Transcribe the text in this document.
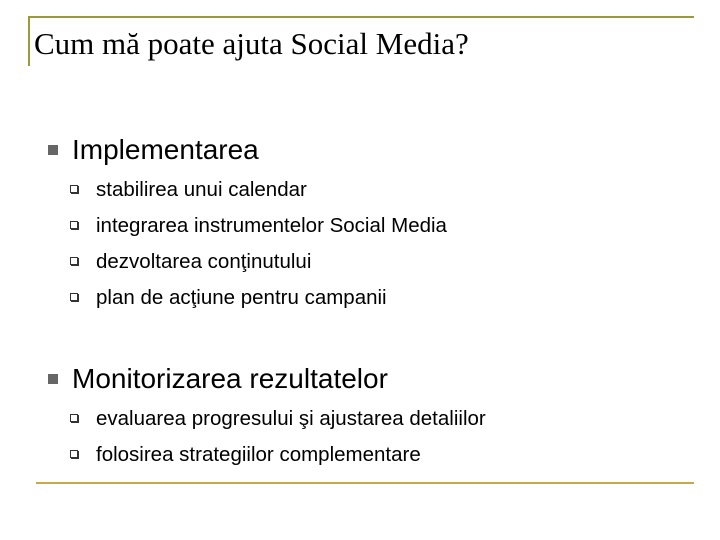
Cum mă poate ajuta Social Media?
Implementarea
stabilirea unui calendar
integrarea instrumentelor Social Media
dezvoltarea conţinutului
plan de acţiune pentru campanii
Monitorizarea rezultatelor
evaluarea progresului şi ajustarea detaliilor
folosirea strategiilor complementare
